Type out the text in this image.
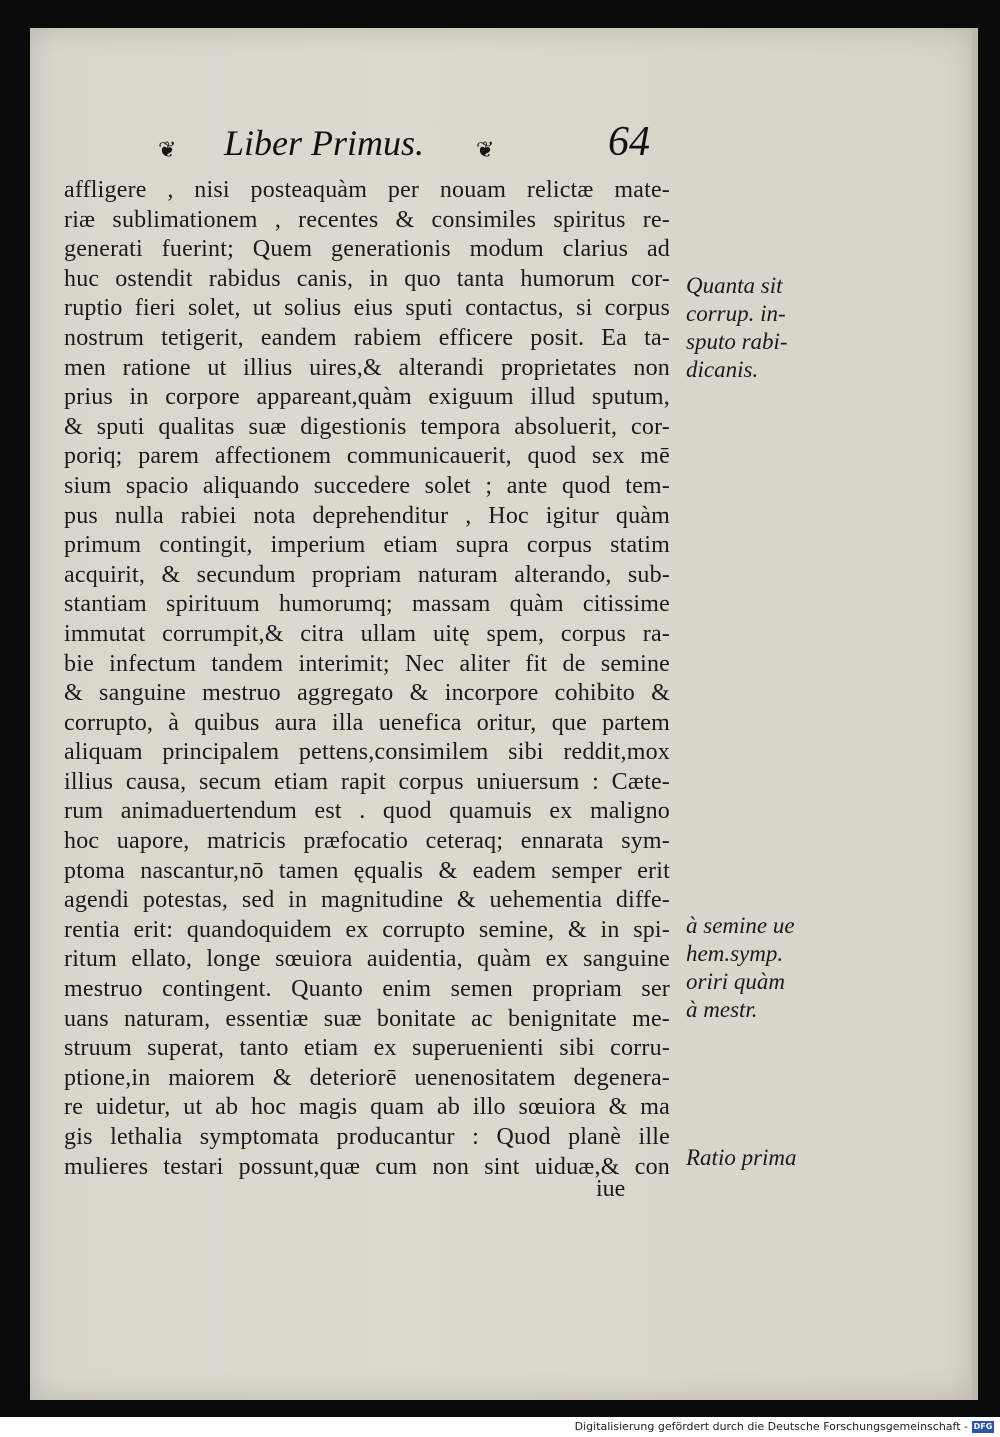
❦ Liber Primus. ❦	64
affligere , nisi posteaquàm per nouam relictæ mate-
riæ sublimationem , recentes & consimiles spiritus re-
generati fuerint; Quem generationis modum clarius ad
huc ostendit rabidus canis, in quo tanta humorum cor-
ruptio fieri solet, ut solius eius sputi contactus, si corpus
nostrum tetigerit, eandem rabiem efficere posit. Ea ta-
men ratione ut illius uires,& alterandi proprietates non
prius in corpore appareant,quàm exiguum illud sputum,
& sputi qualitas suæ digestionis tempora absoluerit, cor-
poriq; parem affectionem communicauerit, quod sex mē
sium spacio aliquando succedere solet ; ante quod tem-
pus nulla rabiei nota deprehenditur , Hoc igitur quàm
primum contingit, imperium etiam supra corpus statim
acquirit, & secundum propriam naturam alterando, sub-
stantiam spirituum humorumq; massam quàm citissime
immutat corrumpit,& citra ullam uitę spem, corpus ra-
bie infectum tandem interimit; Nec aliter fit de semine
& sanguine mestruo aggregato & incorpore cohibito &
corrupto, à quibus aura illa uenefica oritur, que partem
aliquam principalem pettens,consimilem sibi reddit,mox
illius causa, secum etiam rapit corpus uniuersum : Cæte-
rum animaduertendum est . quod quamuis ex maligno
hoc uapore, matricis præfocatio ceteraq; ennarata sym-
ptoma nascantur,nō tamen ęqualis & eadem semper erit
agendi potestas, sed in magnitudine & uehementia diffe-
rentia erit: quandoquidem ex corrupto semine, & in spi-
ritum ellato, longe sœuiora auidentia, quàm ex sanguine
mestruo contingent. Quanto enim semen propriam ser
uans naturam, essentiæ suæ bonitate ac benignitate me-
struum superat, tanto etiam ex superuenienti sibi corru-
ptione,in maiorem & deteriorē uenenositatem degenera-
re uidetur, ut ab hoc magis quam ab illo sœuiora & ma
gis lethalia symptomata producantur : Quod planè ille
mulieres testari possunt,quæ cum non sint uiduæ,& con
iue
Quanta sit
corrup. in-
sputo rabi-
dicanis.
à semine ue
hem.symp.
oriri quàm
à mestr.
Ratio prima
Digitalisierung gefördert durch die Deutsche Forschungsgemeinschaft - DFG
